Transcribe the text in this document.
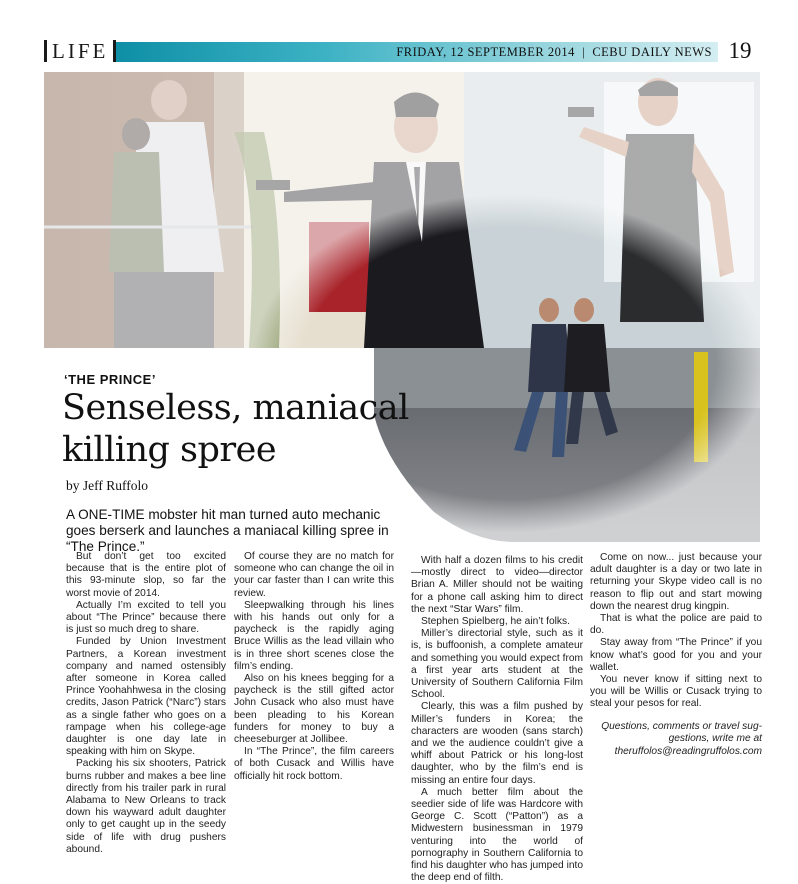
LIFE	FRIDAY, 12 SEPTEMBER 2014  |  CEBU DAILY NEWS 19
‘THE PRINCE’
Senseless, maniacal
killing spree
by Jeff Ruffolo
A ONE-TIME mobster hit man turned auto mechanic goes berserk and launches a maniacal killing spree in “The Prince.”

But don’t get too excited because that is the entire plot of this 93-minute slop, so far the worst movie of 2014.

Actually I’m excited to tell you about “The Prince” because there is just so much dreg to share.

Funded by Union Investment Partners, a Korean investment company and named ostensibly after someone in Korea called Prince Yoohahhwesa in the closing credits, Jason Patrick (“Narc”) stars as a single father who goes on a rampage when his college-age daughter is one day late in speaking with him on Skype.

Packing his six shooters, Patrick burns rubber and makes a bee line directly from his trailer park in rural Alabama to New Orleans to track down his wayward adult daughter only to get caught up in the seedy side of life with drug pushers abound.

Of course they are no match for someone who can change the oil in your car faster than I can write this review.

Sleepwalking through his lines with his hands out only for a paycheck is the rapidly aging Bruce Willis as the lead villain who is in three short scenes close the film’s ending.

Also on his knees begging for a paycheck is the still gifted actor John Cusack who also must have been pleading to his Korean funders for money to buy a cheeseburger at Jollibee.

In “The Prince”, the film careers of both Cusack and Willis have officially hit rock bottom.

With half a dozen films to his credit—mostly direct to video—director Brian A. Miller should not be waiting for a phone call asking him to direct the next “Star Wars” film.

Stephen Spielberg, he ain’t folks.

Miller’s directorial style, such as it is, is buffoonish, a complete amateur and something you would expect from a first year arts student at the University of Southern California Film School.

Clearly, this was a film pushed by Miller’s funders in Korea; the characters are wooden (sans starch) and we the audience couldn’t give a whiff about Patrick or his long-lost daughter, who by the film’s end is missing an entire four days.

A much better film about the seedier side of life was Hardcore with George C. Scott (“Patton”) as a Midwestern businessman in 1979 venturing into the world of pornography in Southern California to find his daughter who has jumped into the deep end of filth.

Come on now... just because your adult daughter is a day or two late in returning your Skype video call is no reason to flip out and start mowing down the nearest drug kingpin.

That is what the police are paid to do.

Stay away from “The Prince” if you know what’s good for you and your wallet.

You never know if sitting next to you will be Willis or Cusack trying to steal your pesos for real.

Questions, comments or travel sug-
gestions, write me at
theruffolos@readingruffolos.com
